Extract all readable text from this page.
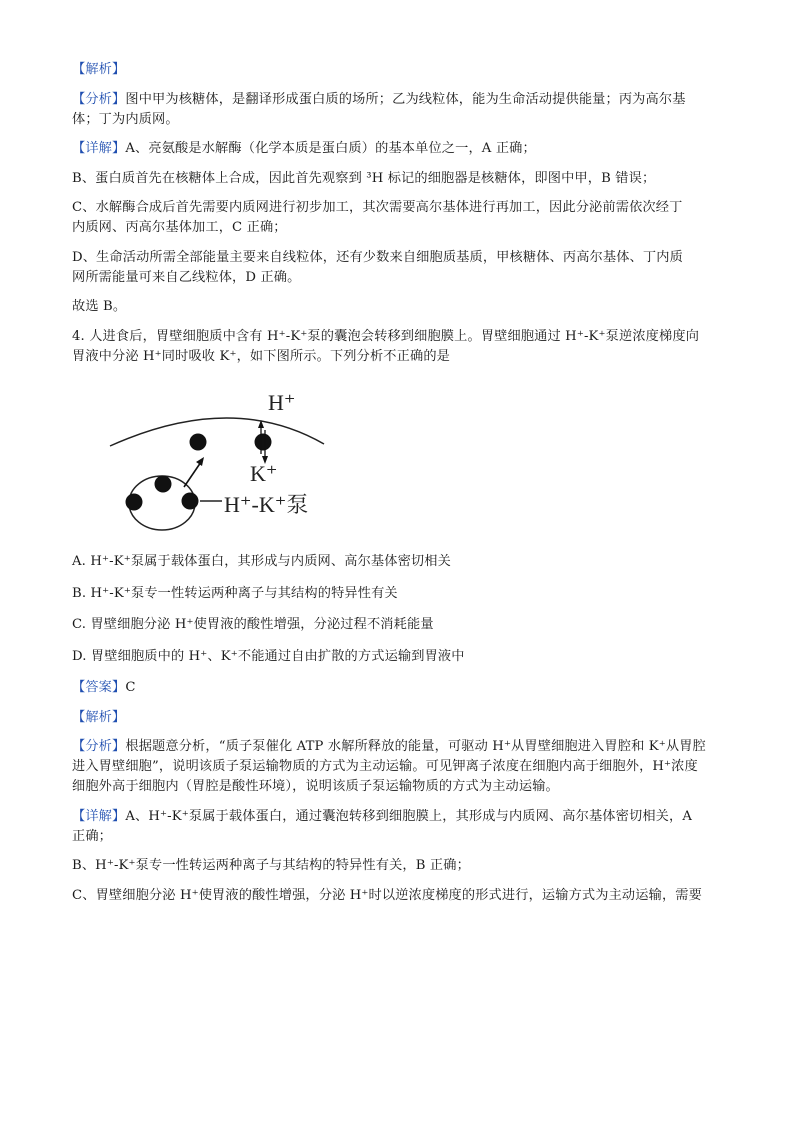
【解析】

【分析】图中甲为核糖体，是翻译形成蛋白质的场所；乙为线粒体，能为生命活动提供能量；丙为高尔基
体；丁为内质网。

【详解】A、亮氨酸是水解酶（化学本质是蛋白质）的基本单位之一，A 正确；

B、蛋白质首先在核糖体上合成，因此首先观察到 ³H 标记的细胞器是核糖体，即图中甲，B 错误；

C、水解酶合成后首先需要内质网进行初步加工，其次需要高尔基体进行再加工，因此分泌前需依次经丁
内质网、丙高尔基体加工，C 正确；

D、生命活动所需全部能量主要来自线粒体，还有少数来自细胞质基质，甲核糖体、丙高尔基体、丁内质
网所需能量可来自乙线粒体，D 正确。

故选 B。

4. 人进食后，胃壁细胞质中含有 H⁺-K⁺泵的囊泡会转移到细胞膜上。胃壁细胞通过 H⁺-K⁺泵逆浓度梯度向
胃液中分泌 H⁺同时吸收 K⁺，如下图所示。下列分析不正确的是

H⁺
K⁺
H⁺-K⁺泵

A. H⁺-K⁺泵属于载体蛋白，其形成与内质网、高尔基体密切相关

B. H⁺-K⁺泵专一性转运两种离子与其结构的特异性有关

C. 胃壁细胞分泌 H⁺使胃液的酸性增强，分泌过程不消耗能量

D. 胃壁细胞质中的 H⁺、K⁺不能通过自由扩散的方式运输到胃液中

【答案】C

【解析】

【分析】根据题意分析，“质子泵催化 ATP 水解所释放的能量，可驱动 H⁺从胃壁细胞进入胃腔和 K⁺从胃腔
进入胃壁细胞”，说明该质子泵运输物质的方式为主动运输。可见钾离子浓度在细胞内高于细胞外，H⁺浓度
细胞外高于细胞内（胃腔是酸性环境），说明该质子泵运输物质的方式为主动运输。

【详解】A、H⁺-K⁺泵属于载体蛋白，通过囊泡转移到细胞膜上，其形成与内质网、高尔基体密切相关，A
正确；

B、H⁺-K⁺泵专一性转运两种离子与其结构的特异性有关，B 正确；

C、胃壁细胞分泌 H⁺使胃液的酸性增强，分泌 H⁺时以逆浓度梯度的形式进行，运输方式为主动运输，需要
